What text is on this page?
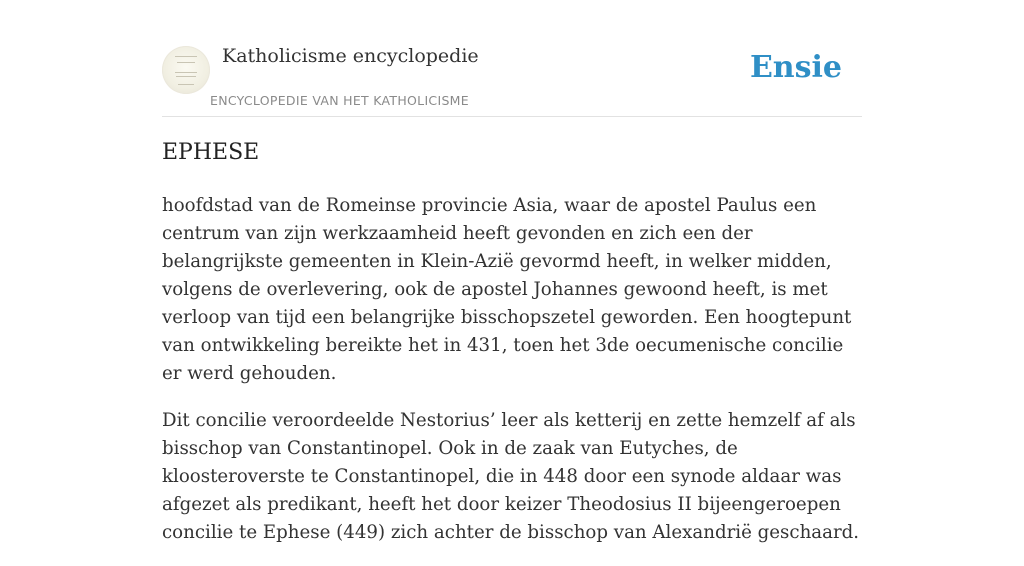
Katholicisme encyclopedie
ENCYCLOPEDIE VAN HET KATHOLICISME
Ensie
EPHESE

hoofdstad van de Romeinse provincie Asia, waar de apostel Paulus een centrum van zijn werkzaamheid heeft gevonden en zich een der belangrijkste gemeenten in Klein-Azië gevormd heeft, in welker midden, volgens de overlevering, ook de apostel Johannes gewoond heeft, is met verloop van tijd een belangrijke bisschopszetel geworden. Een hoogtepunt van ontwikkeling bereikte het in 431, toen het 3de oecumenische concilie er werd gehouden.

Dit concilie veroordeelde Nestorius’ leer als ketterij en zette hemzelf af als bisschop van Constantinopel. Ook in de zaak van Eutyches, de kloosteroverste te Constantinopel, die in 448 door een synode aldaar was afgezet als predikant, heeft het door keizer Theodosius II bijeengeroepen concilie te Ephese (449) zich achter de bisschop van Alexandrië geschaard.
